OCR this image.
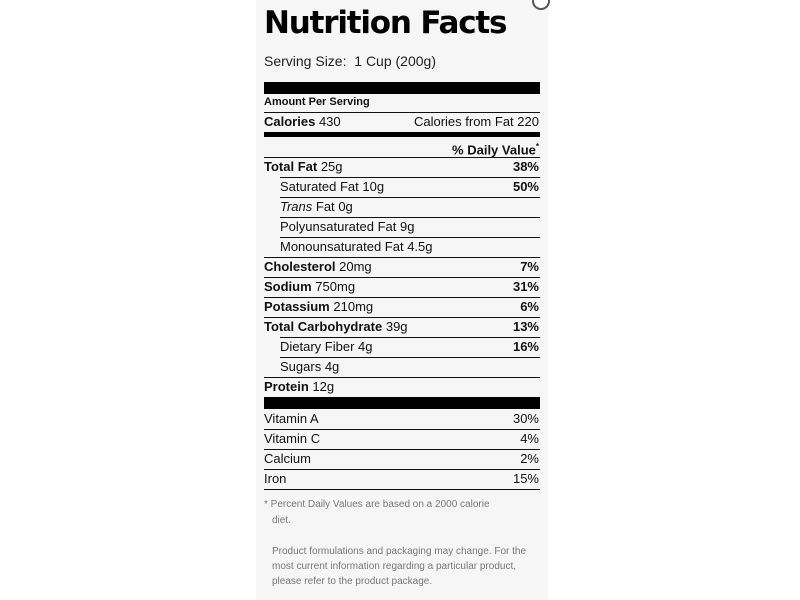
Nutrition Facts
Serving Size: 1 Cup (200g)
Amount Per Serving
Calories 430	Calories from Fat 220
% Daily Value*
Total Fat 25g	38%
Saturated Fat 10g	50%
Trans Fat 0g
Polyunsaturated Fat 9g
Monounsaturated Fat 4.5g
Cholesterol 20mg	7%
Sodium 750mg	31%
Potassium 210mg	6%
Total Carbohydrate 39g	13%
Dietary Fiber 4g	16%
Sugars 4g
Protein 12g
Vitamin A	30%
Vitamin C	4%
Calcium	2%
Iron	15%
* Percent Daily Values are based on a 2000 calorie
diet.
Product formulations and packaging may change. For the most current information regarding a particular product, please refer to the product package.
